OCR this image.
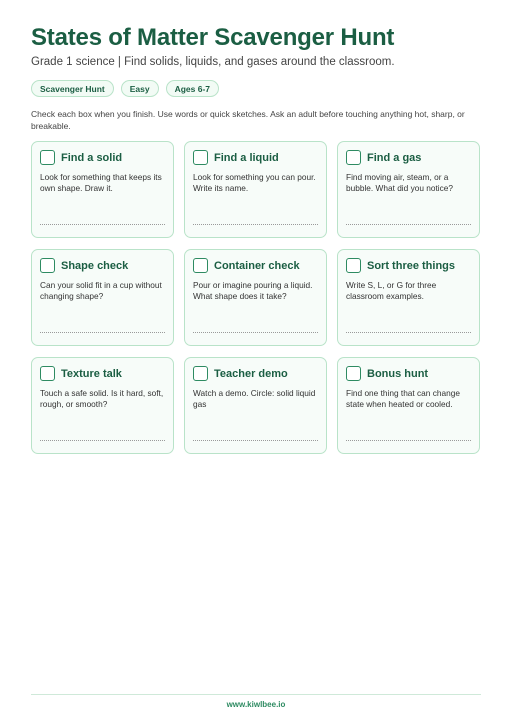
States of Matter Scavenger Hunt
Grade 1 science | Find solids, liquids, and gases around the classroom.
Scavenger Hunt	Easy	Ages 6-7
Check each box when you finish. Use words or quick sketches. Ask an adult before touching anything hot, sharp, or breakable.
Find a solid
Look for something that keeps its own shape. Draw it.
Find a liquid
Look for something you can pour. Write its name.
Find a gas
Find moving air, steam, or a bubble. What did you notice?
Shape check
Can your solid fit in a cup without changing shape?
Container check
Pour or imagine pouring a liquid. What shape does it take?
Sort three things
Write S, L, or G for three classroom examples.
Texture talk
Touch a safe solid. Is it hard, soft, rough, or smooth?
Teacher demo
Watch a demo. Circle: solid liquid gas
Bonus hunt
Find one thing that can change state when heated or cooled.
www.kiwlbee.io
